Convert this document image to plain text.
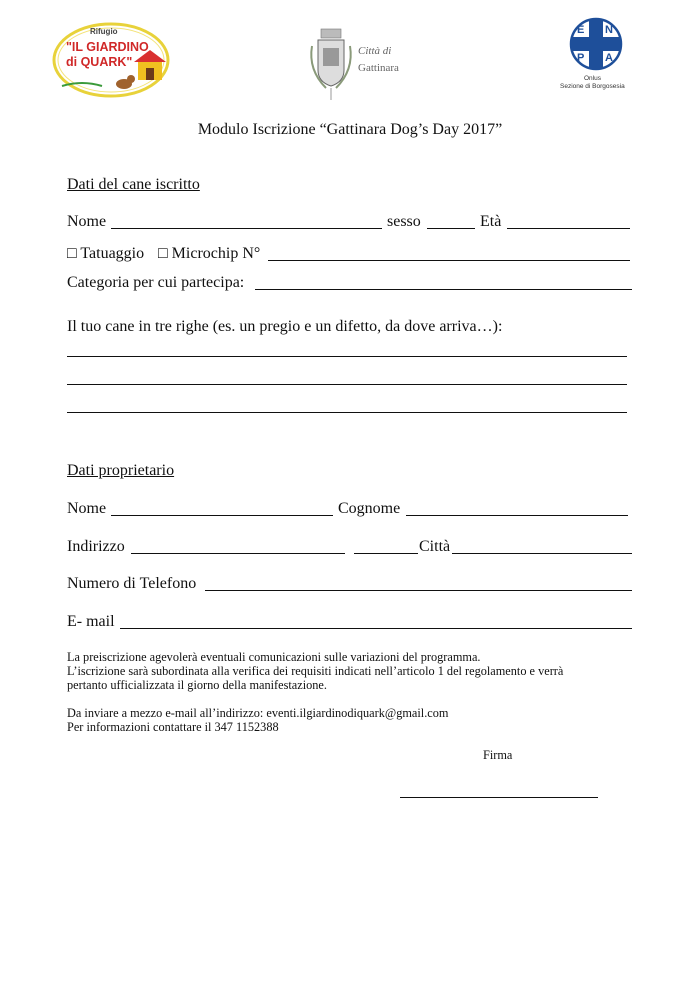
Rifugio
"IL GIARDINO
di QUARK"
Città di
Gattinara
E N
P A
Onlus
Sezione di Borgosesia
Modulo Iscrizione “Gattinara Dog’s Day 2017”
Dati del cane iscritto
Nome	sesso	Età
□ Tatuaggio □ Microchip N°
Categoria per cui partecipa:
Il tuo cane in tre righe (es. un pregio e un difetto, da dove arriva…):
Dati proprietario
Nome	Cognome
Indirizzo	Città
Numero di Telefono
E- mail
La preiscrizione agevolerà eventuali comunicazioni sulle variazioni del programma.
L’iscrizione sarà subordinata alla verifica dei requisiti indicati nell’articolo 1 del regolamento e verrà
pertanto ufficializzata il giorno della manifestazione.
Da inviare a mezzo e-mail all’indirizzo: eventi.ilgiardinodiquark@gmail.com
Per informazioni contattare il 347 1152388
Firma
